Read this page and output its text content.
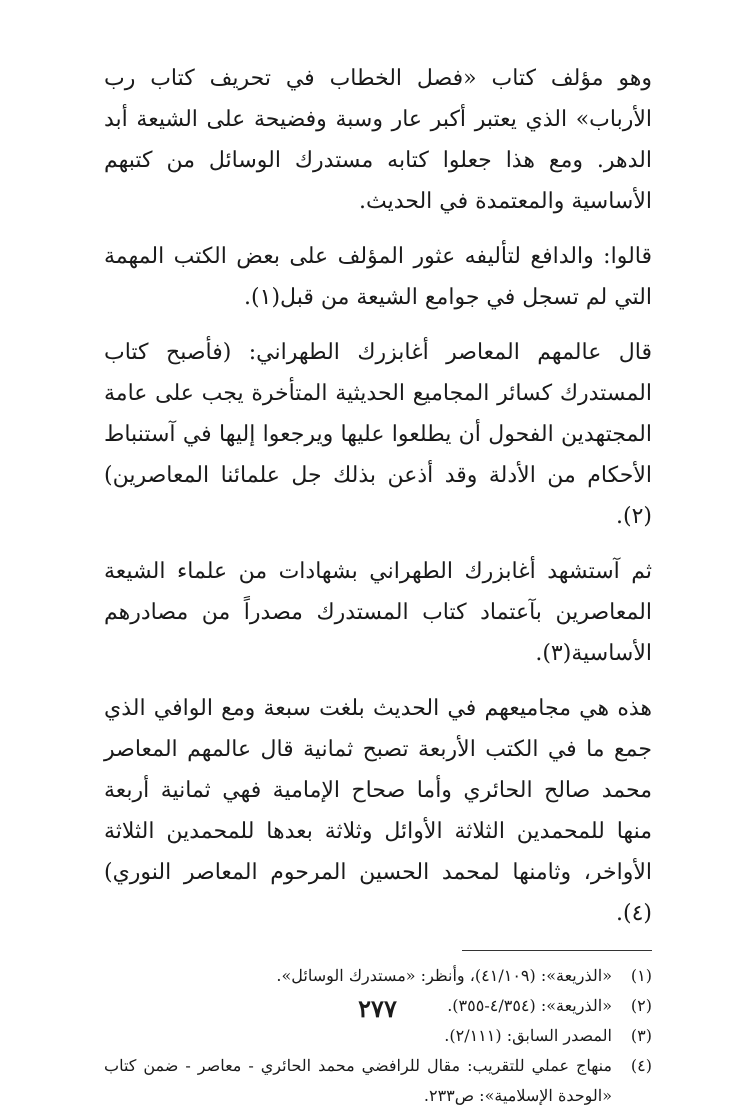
وهو مؤلف كتاب «فصل الخطاب في تحريف كتاب رب الأرباب» الذي يعتبر أكبر عار وسبة وفضيحة على الشيعة أبد الدهر. ومع هذا جعلوا كتابه مستدرك الوسائل من كتبهم الأساسية والمعتمدة في الحديث.

قالوا: والدافع لتأليفه عثور المؤلف على بعض الكتب المهمة التي لم تسجل في جوامع الشيعة من قبل(١).

قال عالمهم المعاصر أغابزرك الطهراني: (فأصبح كتاب المستدرك كسائر المجاميع الحديثية المتأخرة يجب على عامة المجتهدين الفحول أن يطلعوا عليها ويرجعوا إليها في آستنباط الأحكام من الأدلة وقد أذعن بذلك جل علمائنا المعاصرين)(٢).

ثم آستشهد أغابزرك الطهراني بشهادات من علماء الشيعة المعاصرين بآعتماد كتاب المستدرك مصدراً من مصادرهم الأساسية(٣).

هذه هي مجاميعهم في الحديث بلغت سبعة ومع الوافي الذي جمع ما في الكتب الأربعة تصبح ثمانية قال عالمهم المعاصر محمد صالح الحائري وأما صحاح الإمامية فهي ثمانية أربعة منها للمحمدين الثلاثة الأوائل وثلاثة بعدها للمحمدين الثلاثة الأواخر، وثامنها لمحمد الحسين المرحوم المعاصر النوري)(٤).

(١)
«الذريعة»: (٤١/١٠٩)، وأنظر: «مستدرك الوسائل».
(٢)
«الذريعة»: (٤/٣٥٤-٣٥٥).
(٣)
المصدر السابق: (٢/١١١).
(٤)
منهاج عملي للتقريب: مقال للرافضي محمد الحائري - معاصر - ضمن كتاب «الوحدة الإسلامية»: ص٢٣٣.
٢٧٧
